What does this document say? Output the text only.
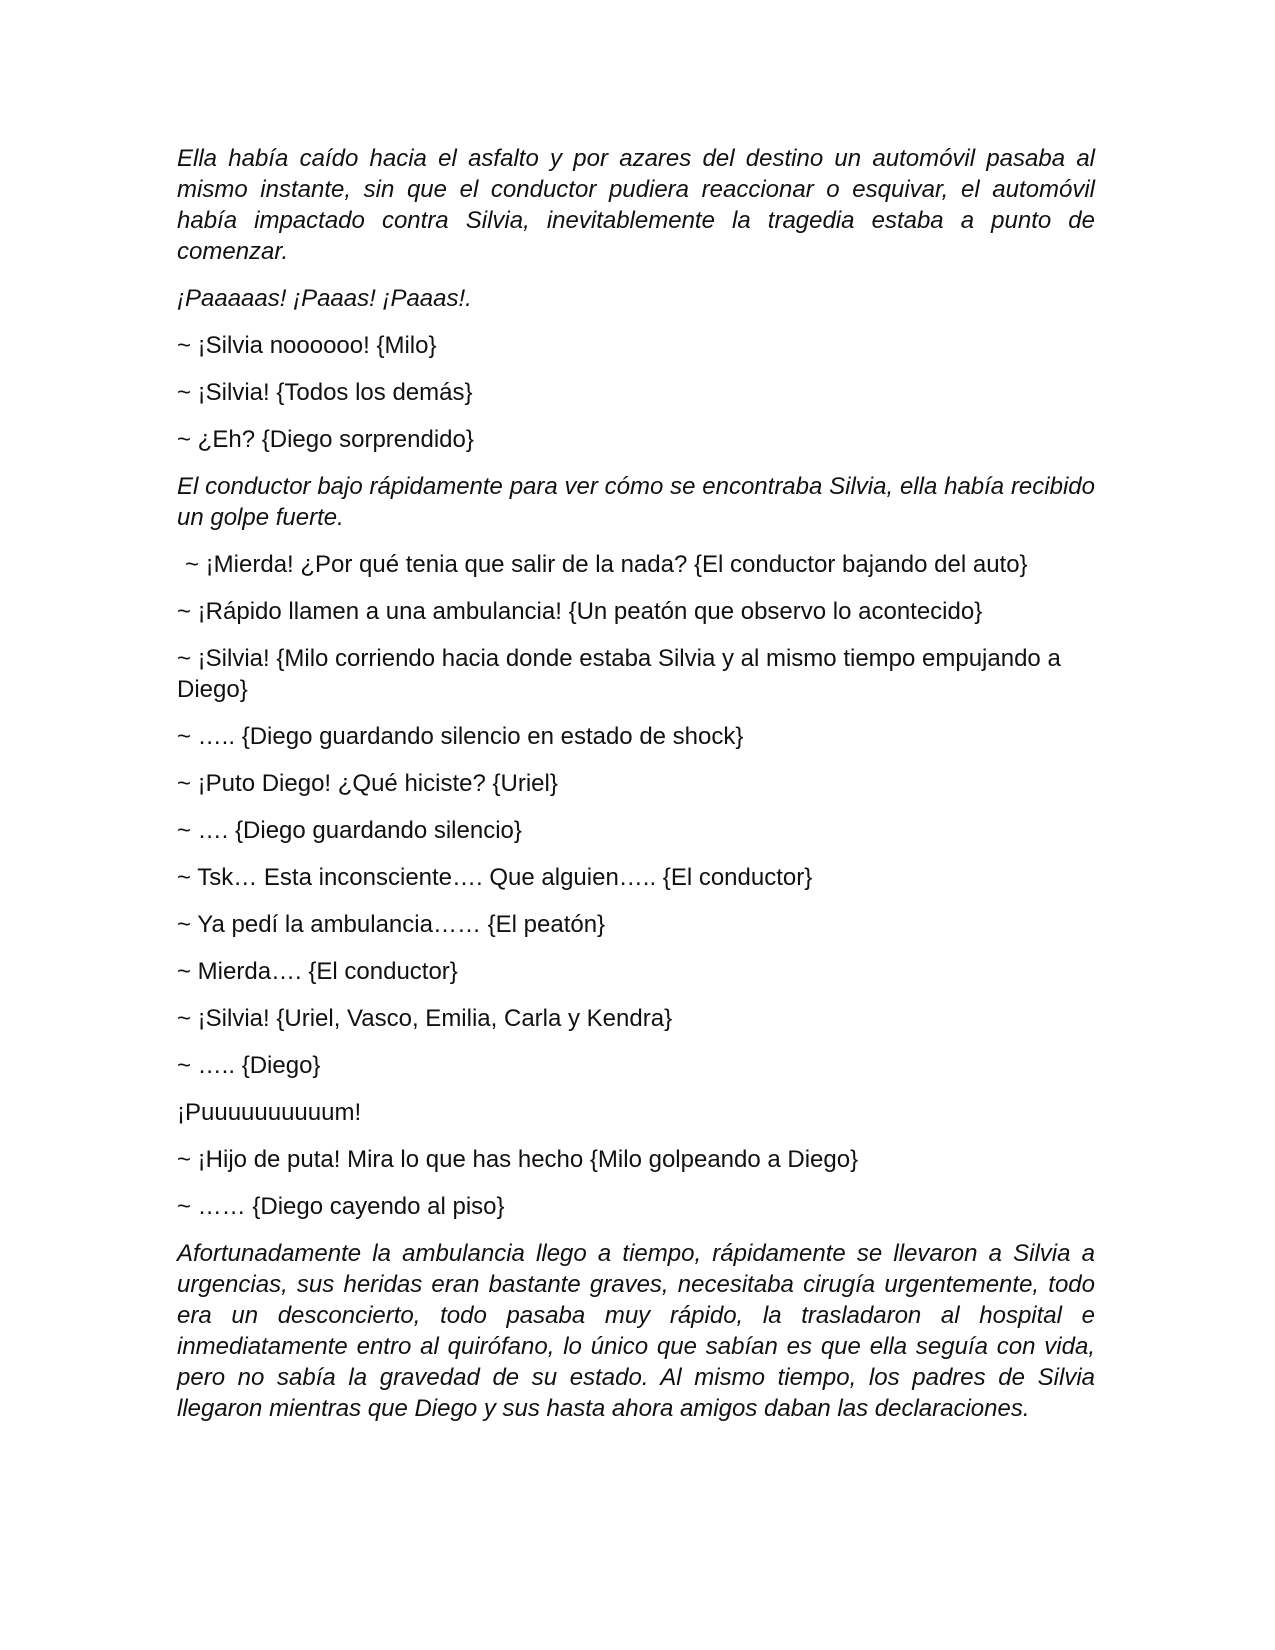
Ella había caído hacia el asfalto y por azares del destino un automóvil pasaba al mismo instante, sin que el conductor pudiera reaccionar o esquivar, el automóvil había impactado contra Silvia, inevitablemente la tragedia estaba a punto de comenzar.

¡Paaaaas! ¡Paaas! ¡Paaas!.

~ ¡Silvia noooooo! {Milo}

~ ¡Silvia! {Todos los demás}

~ ¿Eh? {Diego sorprendido}

El conductor bajo rápidamente para ver cómo se encontraba Silvia, ella había recibido un golpe fuerte.

~ ¡Mierda! ¿Por qué tenia que salir de la nada? {El conductor bajando del auto}

~ ¡Rápido llamen a una ambulancia! {Un peatón que observo lo acontecido}

~ ¡Silvia! {Milo corriendo hacia donde estaba Silvia y al mismo tiempo empujando a Diego}

~ ….. {Diego guardando silencio en estado de shock}

~ ¡Puto Diego! ¿Qué hiciste? {Uriel}

~ …. {Diego guardando silencio}

~ Tsk… Esta inconsciente…. Que alguien….. {El conductor}

~ Ya pedí la ambulancia…… {El peatón}

~ Mierda…. {El conductor}

~ ¡Silvia! {Uriel, Vasco, Emilia, Carla y Kendra}

~ ….. {Diego}

¡Puuuuuuuuuum!

~ ¡Hijo de puta! Mira lo que has hecho {Milo golpeando a Diego}

~ …… {Diego cayendo al piso}

Afortunadamente la ambulancia llego a tiempo, rápidamente se llevaron a Silvia a urgencias, sus heridas eran bastante graves, necesitaba cirugía urgentemente, todo era un desconcierto, todo pasaba muy rápido, la trasladaron al hospital e inmediatamente entro al quirófano, lo único que sabían es que ella seguía con vida, pero no sabía la gravedad de su estado. Al mismo tiempo, los padres de Silvia llegaron mientras que Diego y sus hasta ahora amigos daban las declaraciones.
